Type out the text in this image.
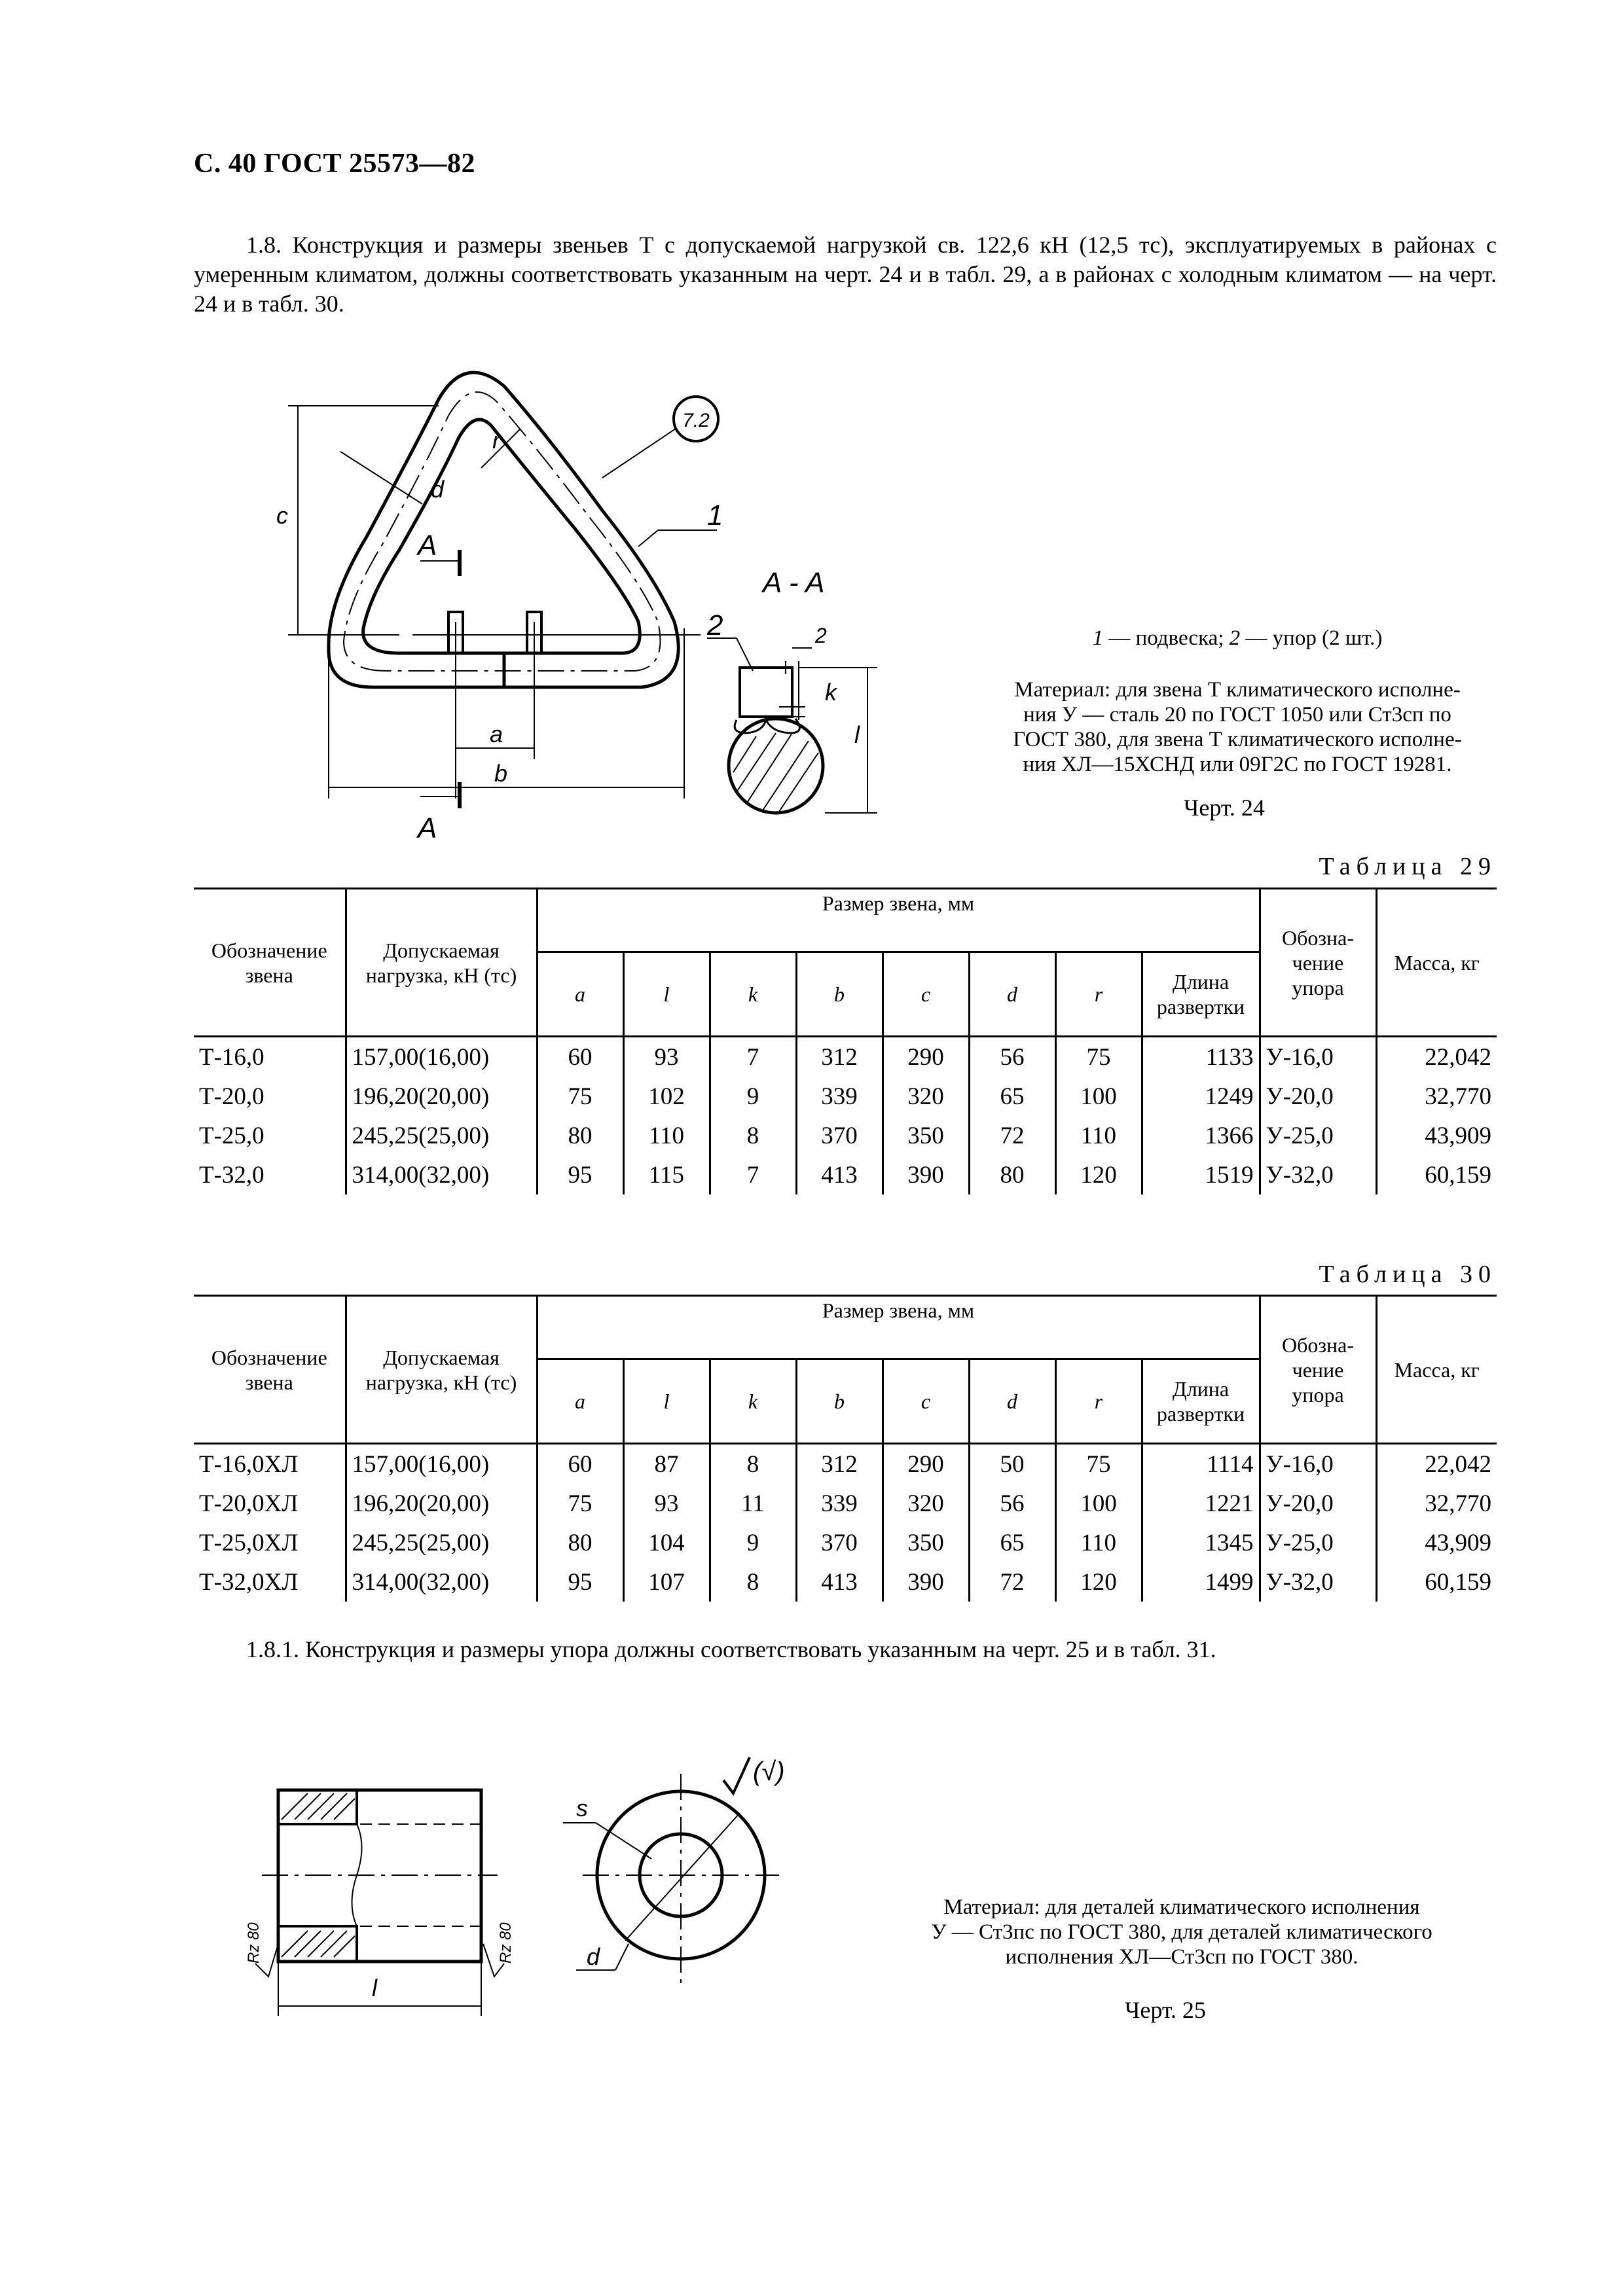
С. 40 ГОСТ 25573—82
1.8. Конструкция и размеры звеньев Т с допускаемой нагрузкой св. 122,6 кН (12,5 тс), эксплуатируемых в районах с умеренным климатом, должны соответствовать указанным на черт. 24 и в табл. 29, а в районах с холодным климатом — на черт. 24 и в табл. 30.
c
d
r
a
b
A
A
1
2	2
k
l
7.2
A - A
1 — подвеска; 2 — упор (2 шт.)
Материал: для звена Т климатического исполне-
ния У — сталь 20 по ГОСТ 1050 или Ст3сп по
ГОСТ 380, для звена Т климатического исполне-
ния ХЛ—15ХСНД или 09Г2С по ГОСТ 19281.
Черт. 24
Таблица 29
Обозначение звена	Допускаемая нагрузка, кН (тс)	Размер звена, мм								Обозна-чение упора	Масса, кг
		a	l	k	b	c	d	r	Длина развертки		
Т-16,0	157,00(16,00)	60	93	7	312	290	56	75	1133	У-16,0	22,042
Т-20,0	196,20(20,00)	75	102	9	339	320	65	100	1249	У-20,0	32,770
Т-25,0	245,25(25,00)	80	110	8	370	350	72	110	1366	У-25,0	43,909
Т-32,0	314,00(32,00)	95	115	7	413	390	80	120	1519	У-32,0	60,159
Таблица 30
Обозначение звена	Допускаемая нагрузка, кН (тс)	Размер звена, мм								Обозна-чение упора	Масса, кг
		a	l	k	b	c	d	r	Длина развертки		
Т-16,0ХЛ	157,00(16,00)	60	87	8	312	290	50	75	1114	У-16,0	22,042
Т-20,0ХЛ	196,20(20,00)	75	93	11	339	320	56	100	1221	У-20,0	32,770
Т-25,0ХЛ	245,25(25,00)	80	104	9	370	350	65	110	1345	У-25,0	43,909
Т-32,0ХЛ	314,00(32,00)	95	107	8	413	390	72	120	1499	У-32,0	60,159
1.8.1. Конструкция и размеры упора должны соответствовать указанным на черт. 25 и в табл. 31.
l
s
d
Rz 80	Rz 80
(√)
Материал: для деталей климатического исполнения
У — Ст3пс по ГОСТ 380, для деталей климатического
исполнения ХЛ—Ст3сп по ГОСТ 380.
Черт. 25
